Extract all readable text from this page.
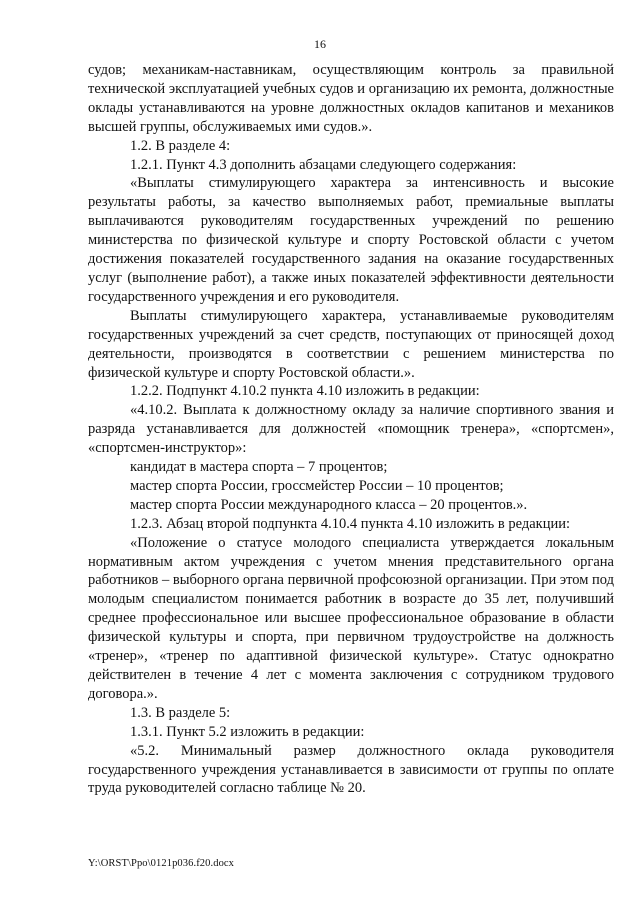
16

судов; механикам-наставникам, осуществляющим контроль за правильной технической эксплуатацией учебных судов и организацию их ремонта, должностные оклады устанавливаются на уровне должностных окладов капитанов и механиков высшей группы, обслуживаемых ими судов.».

1.2. В разделе 4:

1.2.1. Пункт 4.3 дополнить абзацами следующего содержания:

«Выплаты стимулирующего характера за интенсивность и высокие результаты работы, за качество выполняемых работ, премиальные выплаты выплачиваются руководителям государственных учреждений по решению министерства по физической культуре и спорту Ростовской области с учетом достижения показателей государственного задания на оказание государственных услуг (выполнение работ), а также иных показателей эффективности деятельности государственного учреждения и его руководителя.

Выплаты стимулирующего характера, устанавливаемые руководителям государственных учреждений за счет средств, поступающих от приносящей доход деятельности, производятся в соответствии с решением министерства по физической культуре и спорту Ростовской области.».

1.2.2. Подпункт 4.10.2 пункта 4.10 изложить в редакции:

«4.10.2. Выплата к должностному окладу за наличие спортивного звания и разряда устанавливается для должностей «помощник тренера», «спортсмен», «спортсмен-инструктор»:

кандидат в мастера спорта – 7 процентов;

мастер спорта России, гроссмейстер России – 10 процентов;

мастер спорта России международного класса – 20 процентов.».

1.2.3. Абзац второй подпункта 4.10.4 пункта 4.10 изложить в редакции:

«Положение о статусе молодого специалиста утверждается локальным нормативным актом учреждения с учетом мнения представительного органа работников – выборного органа первичной профсоюзной организации. При этом под молодым специалистом понимается работник в возрасте до 35 лет, получивший среднее профессиональное или высшее профессиональное образование в области физической культуры и спорта, при первичном трудоустройстве на должность «тренер», «тренер по адаптивной физической культуре». Статус однократно действителен в течение 4 лет с момента заключения с сотрудником трудового договора.».

1.3. В разделе 5:

1.3.1. Пункт 5.2 изложить в редакции:

«5.2. Минимальный размер должностного оклада руководителя государственного учреждения устанавливается в зависимости от группы по оплате труда руководителей согласно таблице № 20.

Y:\ORST\Ppo\0121p036.f20.docx
